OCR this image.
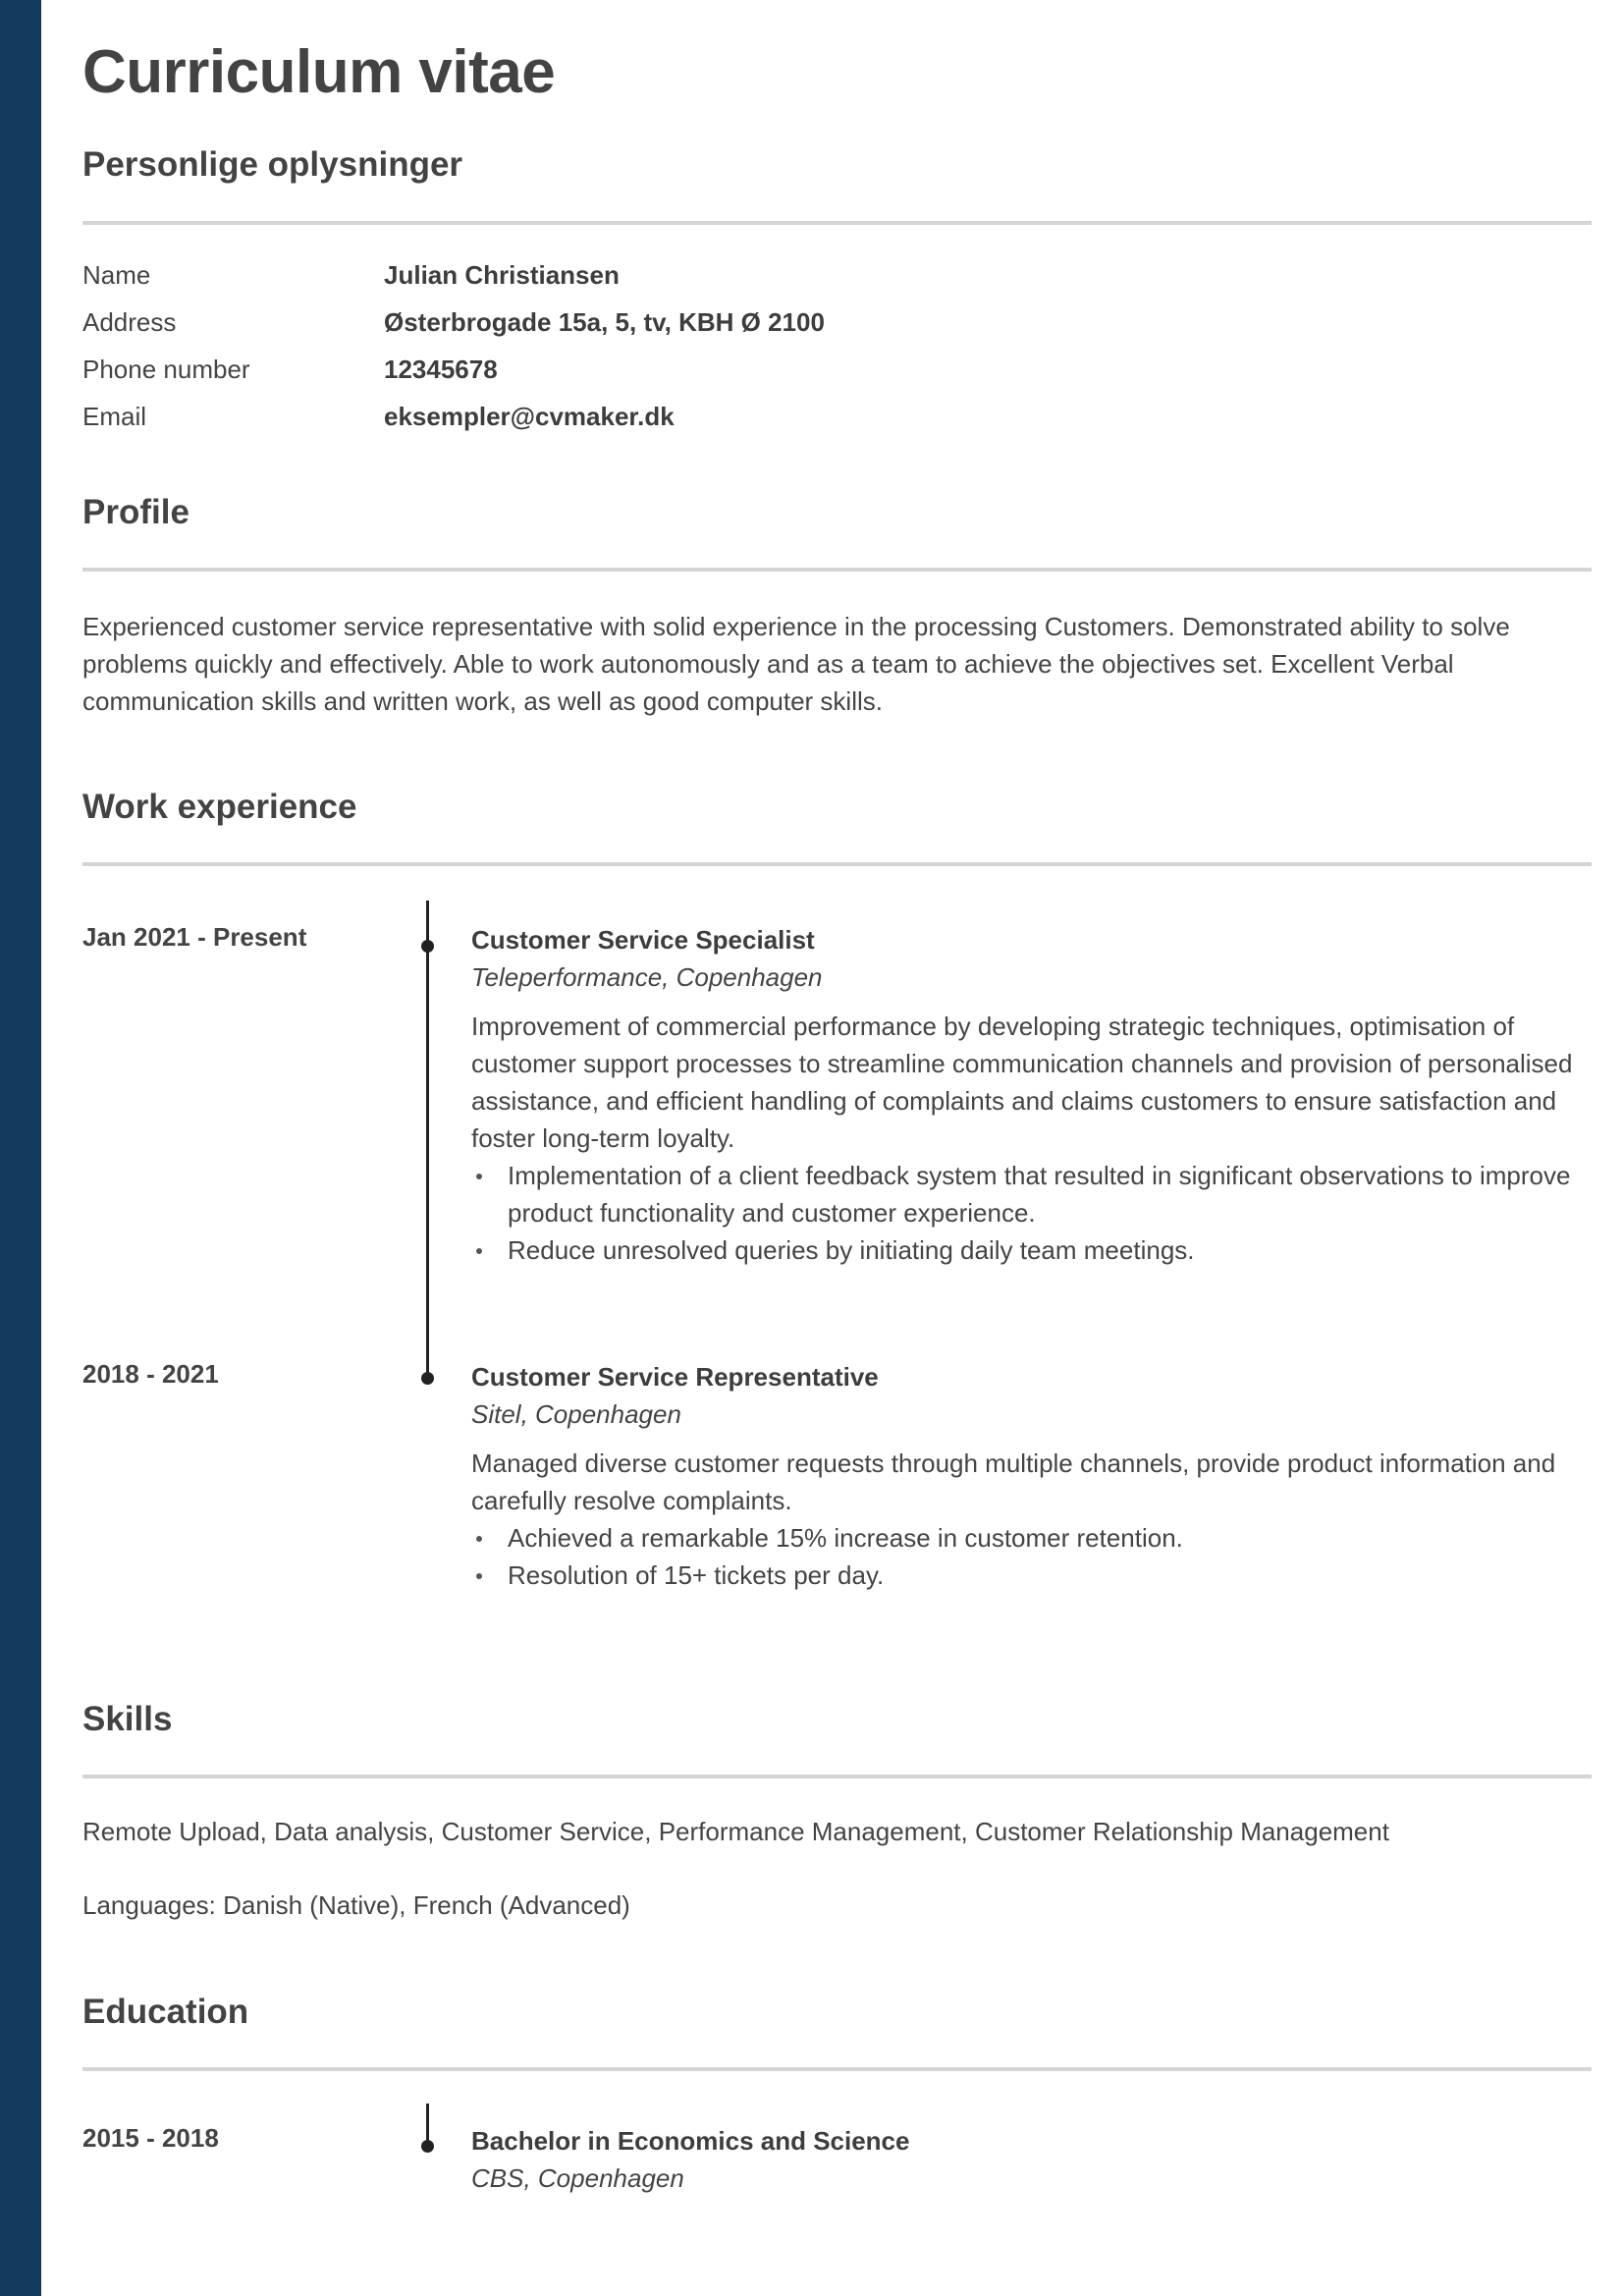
Curriculum vitae
Personlige oplysninger
Name	Julian Christiansen
Address	Østerbrogade 15a, 5, tv, KBH Ø 2100
Phone number	12345678
Email	eksempler@cvmaker.dk
Profile

Experienced customer service representative with solid experience in the processing Customers. Demonstrated ability to solve problems quickly and effectively. Able to work autonomously and as a team to achieve the objectives set. Excellent Verbal communication skills and written work, as well as good computer skills.

Work experience
Jan 2021 - Present	Customer Service Specialist
Teleperformance, Copenhagen

Improvement of commercial performance by developing strategic techniques, optimisation of customer support processes to streamline communication channels and provision of personalised assistance, and efficient handling of complaints and claims customers to ensure satisfaction and foster long-term loyalty.

Implementation of a client feedback system that resulted in significant observations to improve product functionality and customer experience.
Reduce unresolved queries by initiating daily team meetings.
2018 - 2021	Customer Service Representative
Sitel, Copenhagen

Managed diverse customer requests through multiple channels, provide product information and carefully resolve complaints.

Achieved a remarkable 15% increase in customer retention.
Resolution of 15+ tickets per day.
Skills

Remote Upload, Data analysis, Customer Service, Performance Management, Customer Relationship Management

Languages: Danish (Native), French (Advanced)

Education
2015 - 2018	Bachelor in Economics and Science
CBS, Copenhagen
